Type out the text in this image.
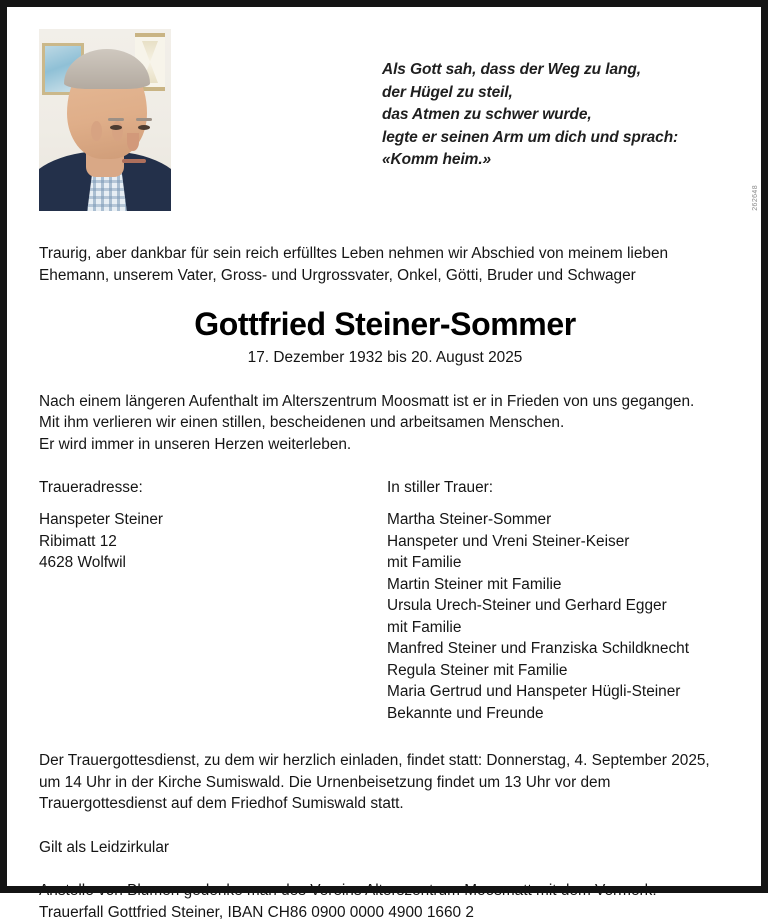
Als Gott sah, dass der Weg zu lang,
der Hügel zu steil,
das Atmen zu schwer wurde,
legte er seinen Arm um dich und sprach:
«Komm heim.»
Traurig, aber dankbar für sein reich erfülltes Leben nehmen wir Abschied von meinem lieben
Ehemann, unserem Vater, Gross- und Urgrossvater, Onkel, Götti, Bruder und Schwager
Gottfried Steiner-Sommer
17. Dezember 1932 bis 20. August 2025
Nach einem längeren Aufenthalt im Alterszentrum Moosmatt ist er in Frieden von uns gegangen.
Mit ihm verlieren wir einen stillen, bescheidenen und arbeitsamen Menschen.
Er wird immer in unseren Herzen weiterleben.
Traueradresse:
Hanspeter Steiner
Ribimatt 12
4628 Wolfwil
In stiller Trauer:
Martha Steiner-Sommer
Hanspeter und Vreni Steiner-Keiser
mit Familie
Martin Steiner mit Familie
Ursula Urech-Steiner und Gerhard Egger
mit Familie
Manfred Steiner und Franziska Schildknecht
Regula Steiner mit Familie
Maria Gertrud und Hanspeter Hügli-Steiner
Bekannte und Freunde
Der Trauergottesdienst, zu dem wir herzlich einladen, findet statt: Donnerstag, 4. September 2025,
um 14 Uhr in der Kirche Sumiswald. Die Urnenbeisetzung findet um 13 Uhr vor dem
Trauergottesdienst auf dem Friedhof Sumiswald statt.
Gilt als Leidzirkular
Anstelle von Blumen gedenke man des Vereins Alterszentrum Moosmatt mit dem Vermerk:
Trauerfall Gottfried Steiner, IBAN CH86 0900 0000 4900 1660 2
262648
